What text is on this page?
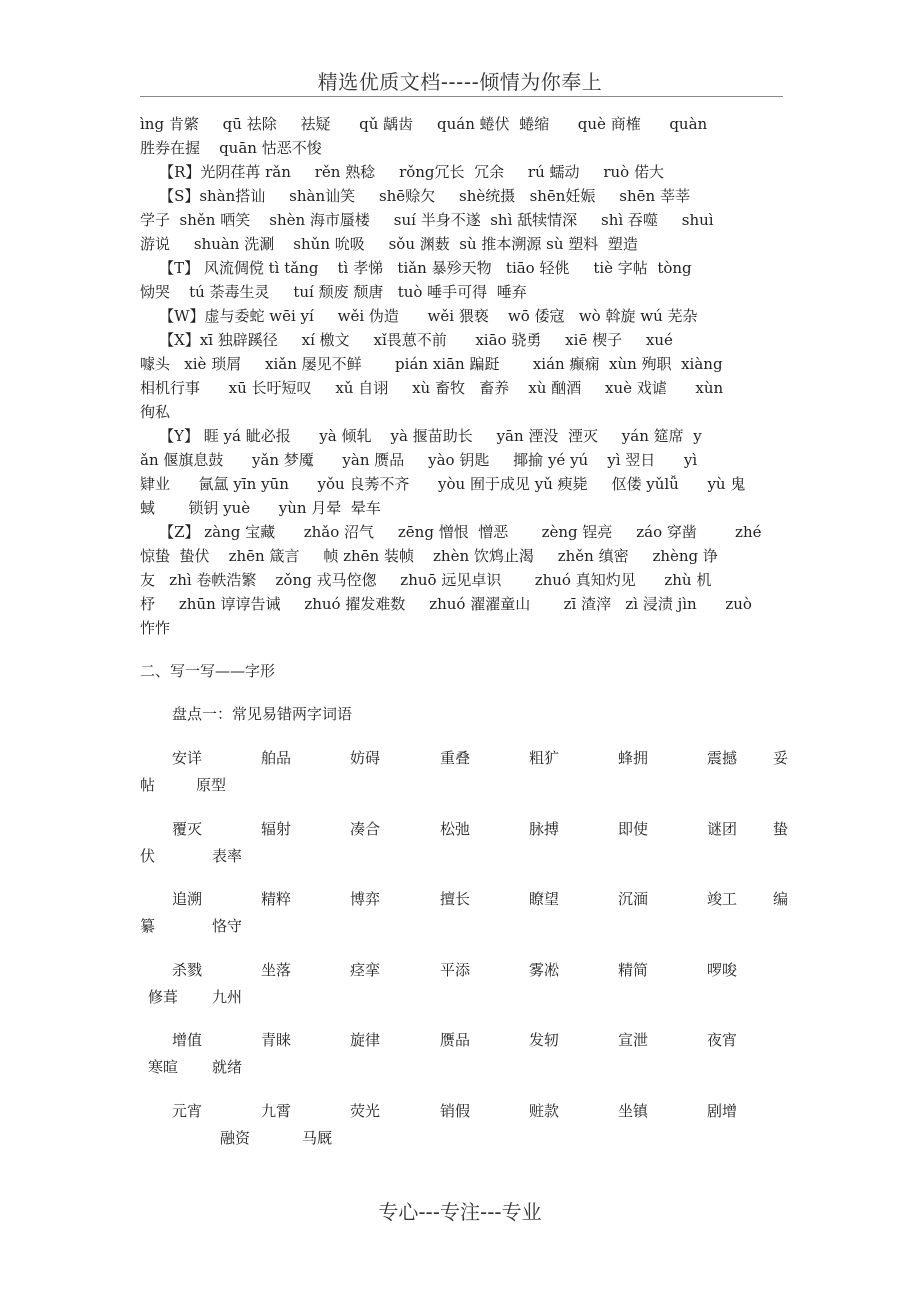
精选优质文档-----倾情为你奉上
ìng 肯綮     qū 祛除     祛疑      qǔ 龋齿     quán 蜷伏  蜷缩      què 商榷      quàn
胜券在握    quān 怙恶不悛
【R】光阴荏苒 rǎn     rěn 熟稔     rǒng冗长  冗余     rú 蠕动     ruò 偌大
【S】shàn搭讪     shàn讪笑     shē赊欠     shè统摄   shēn妊娠     shēn 莘莘
学子  shěn 哂笑    shèn 海市蜃楼     suí 半身不遂  shì 舐犊情深     shì 吞噬     shuì
游说     shuàn 洗涮    shǔn 吮吸     sǒu 渊薮  sù 推本溯源 sù 塑料  塑造
【T】 风流倜傥 tì tǎng    tì 孝悌   tiǎn 暴殄天物   tiāo 轻佻     tiè 字帖  tòng
恸哭    tú 荼毒生灵     tuí 颓废 颓唐   tuò 唾手可得  唾弃
【W】虚与委蛇 wēi yí     wěi 伪造      wěi 猥亵    wō 倭寇   wò 斡旋 wú 芜杂
【X】xī 独辟蹊径     xí 檄文     xǐ畏葸不前      xiāo 骁勇     xiē 楔子     xué
噱头   xiè 琐屑     xiǎn 屡见不鲜       pián xiān 蹁跹       xián 癫痫  xùn 殉职  xiàng
相机行事      xū 长吁短叹     xǔ 自诩     xù 畜牧   畜养    xù 酗酒     xuè 戏谑      xùn
徇私
【Y】 睚 yá 眦必报      yà 倾轧    yà 揠苗助长     yān 湮没  湮灭     yán 筵席  y
ǎn 偃旗息鼓      yǎn 梦魇      yàn 赝品     yào 钥匙     揶揄 yé yú    yì 翌日      yì
肄业      氤氲 yīn yūn      yǒu 良莠不齐      yòu 囿于成见 yǔ 瘐毙     伛偻 yǔlǚ      yù 鬼
蜮       锁钥 yuè      yùn 月晕  晕车
【Z】 zàng 宝藏      zhǎo 沼气     zēng 憎恨  憎恶       zèng 锃亮     záo 穿凿        zhé
惊蛰  蛰伏    zhēn 箴言     帧 zhēn 装帧    zhèn 饮鸩止渴     zhěn 缜密     zhèng 诤
友   zhì 卷帙浩繁    zǒng 戎马倥偬     zhuō 远见卓识       zhuó 真知灼见      zhù 机
杼     zhūn 谆谆告诫     zhuó 擢发难数     zhuó 濯濯童山       zī 渣滓   zì 浸渍 jìn      zuò
怍怍
二、写一写——字形
盘点一：常见易错两字词语
安详	舶品	妨碍	重叠	粗犷	蜂拥	震撼 妥
帖	原型
覆灭	辐射	凑合	松弛	脉搏	即使	谜团 蛰
伏	表率
追溯	精粹	博弈	擅长	瞭望	沉湎	竣工 编
纂	恪守
杀戮	坐落	痉挛	平添	雾凇	精简	啰唆
修葺 九州
增值	青睐	旋律	赝品	发轫	宣泄	夜宵
寒暄 就绪
元宵	九霄	荧光	销假	赃款	坐镇	剧增
融资	马厩
专心---专注---专业
